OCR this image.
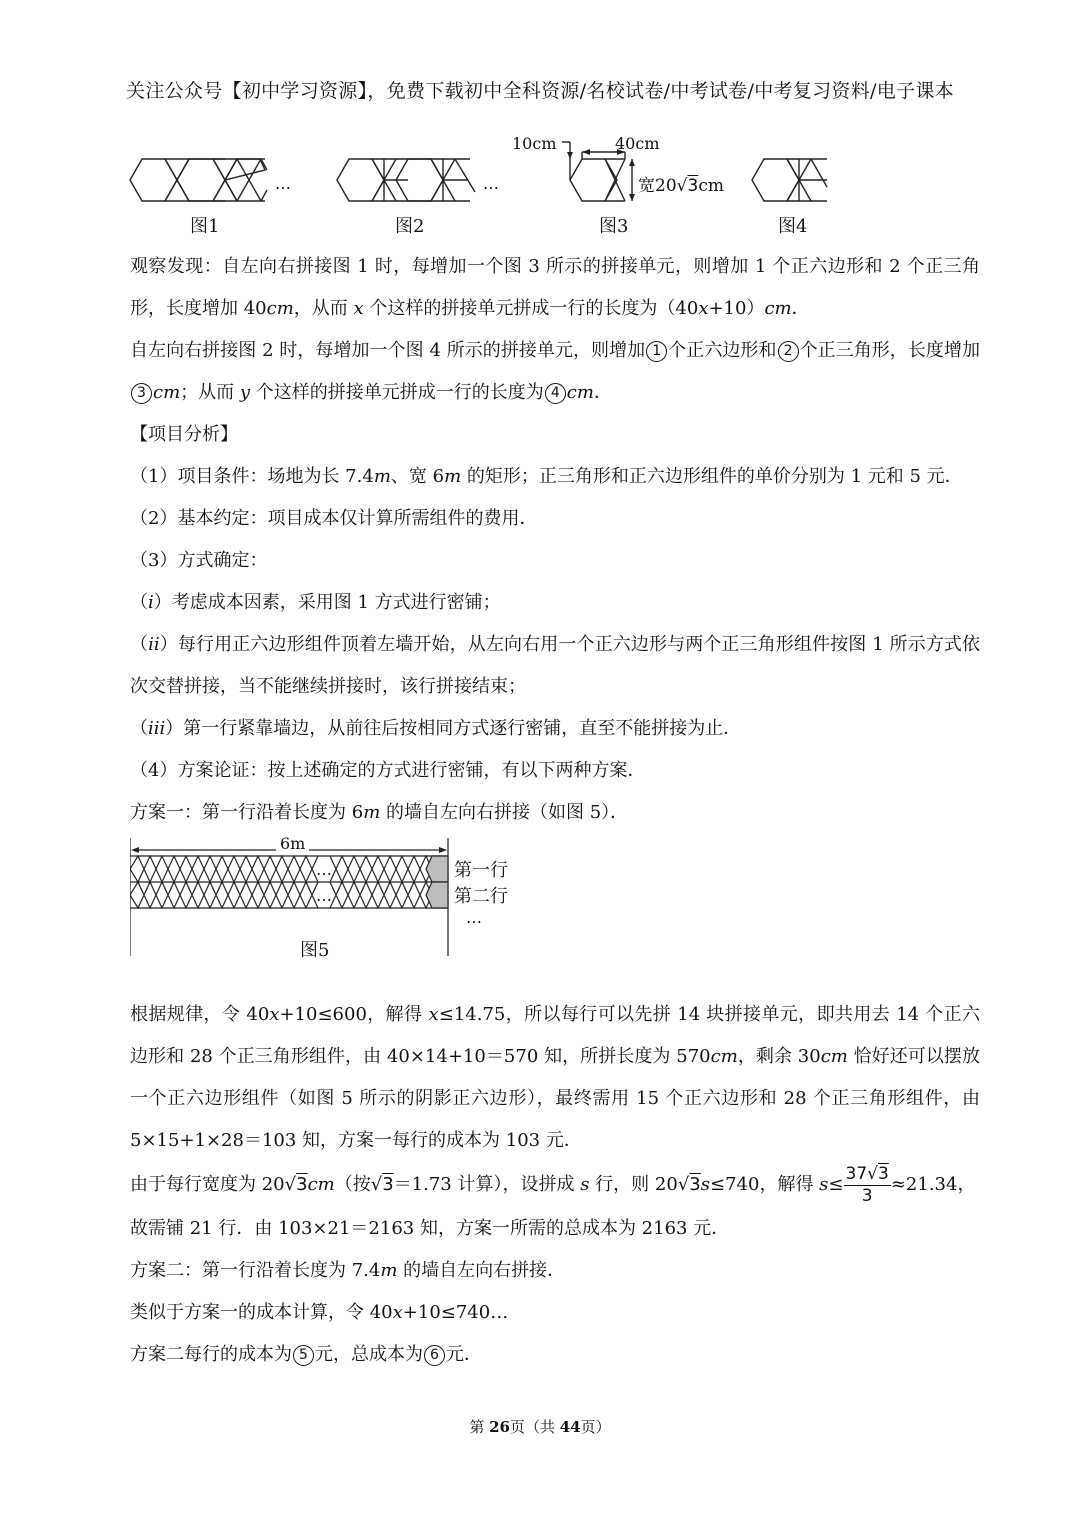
关注公众号【初中学习资源】，免费下载初中全科资源/名校试卷/中考试卷/中考复习资料/电子课本
…	…
10cm	40cm
宽20√3cm
图1	图2	图3	图4

观察发现：自左向右拼接图 1 时，每增加一个图 3 所示的拼接单元，则增加 1 个正六边形和 2 个正三角形，长度增加 40cm，从而 x 个这样的拼接单元拼成一行的长度为（40x+10）cm．

自左向右拼接图 2 时，每增加一个图 4 所示的拼接单元，则增加 1 个正六边形和 2 个正三角形，长度增加3 cm；从而 y 个这样的拼接单元拼成一行的长度为 4 cm．

【项目分析】

（1）项目条件：场地为长 7.4m、宽 6m 的矩形；正三角形和正六边形组件的单价分别为 1 元和 5 元．

（2）基本约定：项目成本仅计算所需组件的费用．

（3）方式确定：

（i）考虑成本因素，采用图 1 方式进行密铺；

（ii）每行用正六边形组件顶着左墙开始，从左向右用一个正六边形与两个正三角形组件按图 1 所示方式依次交替拼接，当不能继续拼接时，该行拼接结束；

（iii）第一行紧靠墙边，从前往后按相同方式逐行密铺，直至不能拼接为止．

（4）方案论证：按上述确定的方式进行密铺，有以下两种方案．

方案一：第一行沿着长度为 6m 的墙自左向右拼接（如图 5）．

6m
…
…
第一行
第二行
…
图5

根据规律，令 40x+10≤600，解得 x≤14.75，所以每行可以先拼 14 块拼接单元，即共用去 14 个正六边形和 28 个正三角形组件，由 40×14+10＝570 知，所拼长度为 570cm，剩余 30cm 恰好还可以摆放一个正六边形组件（如图 5 所示的阴影正六边形），最终需用 15 个正六边形和 28 个正三角形组件，由 5×15+1×28＝103 知，方案一每行的成本为 103 元．

由于每行宽度为 20√3cm（按√3＝1.73 计算），设拼成 s 行，则 20√3s≤740，解得 $s\le \frac{37√3}{3} \approx 21.34$，

故需铺 21 行．由 103×21＝2163 知，方案一所需的总成本为 2163 元．

方案二：第一行沿着长度为 7.4m 的墙自左向右拼接．

类似于方案一的成本计算，令 40x+10≤740…

方案二每行的成本为 5 元，总成本为 6 元．

第 26页（共 44页）
